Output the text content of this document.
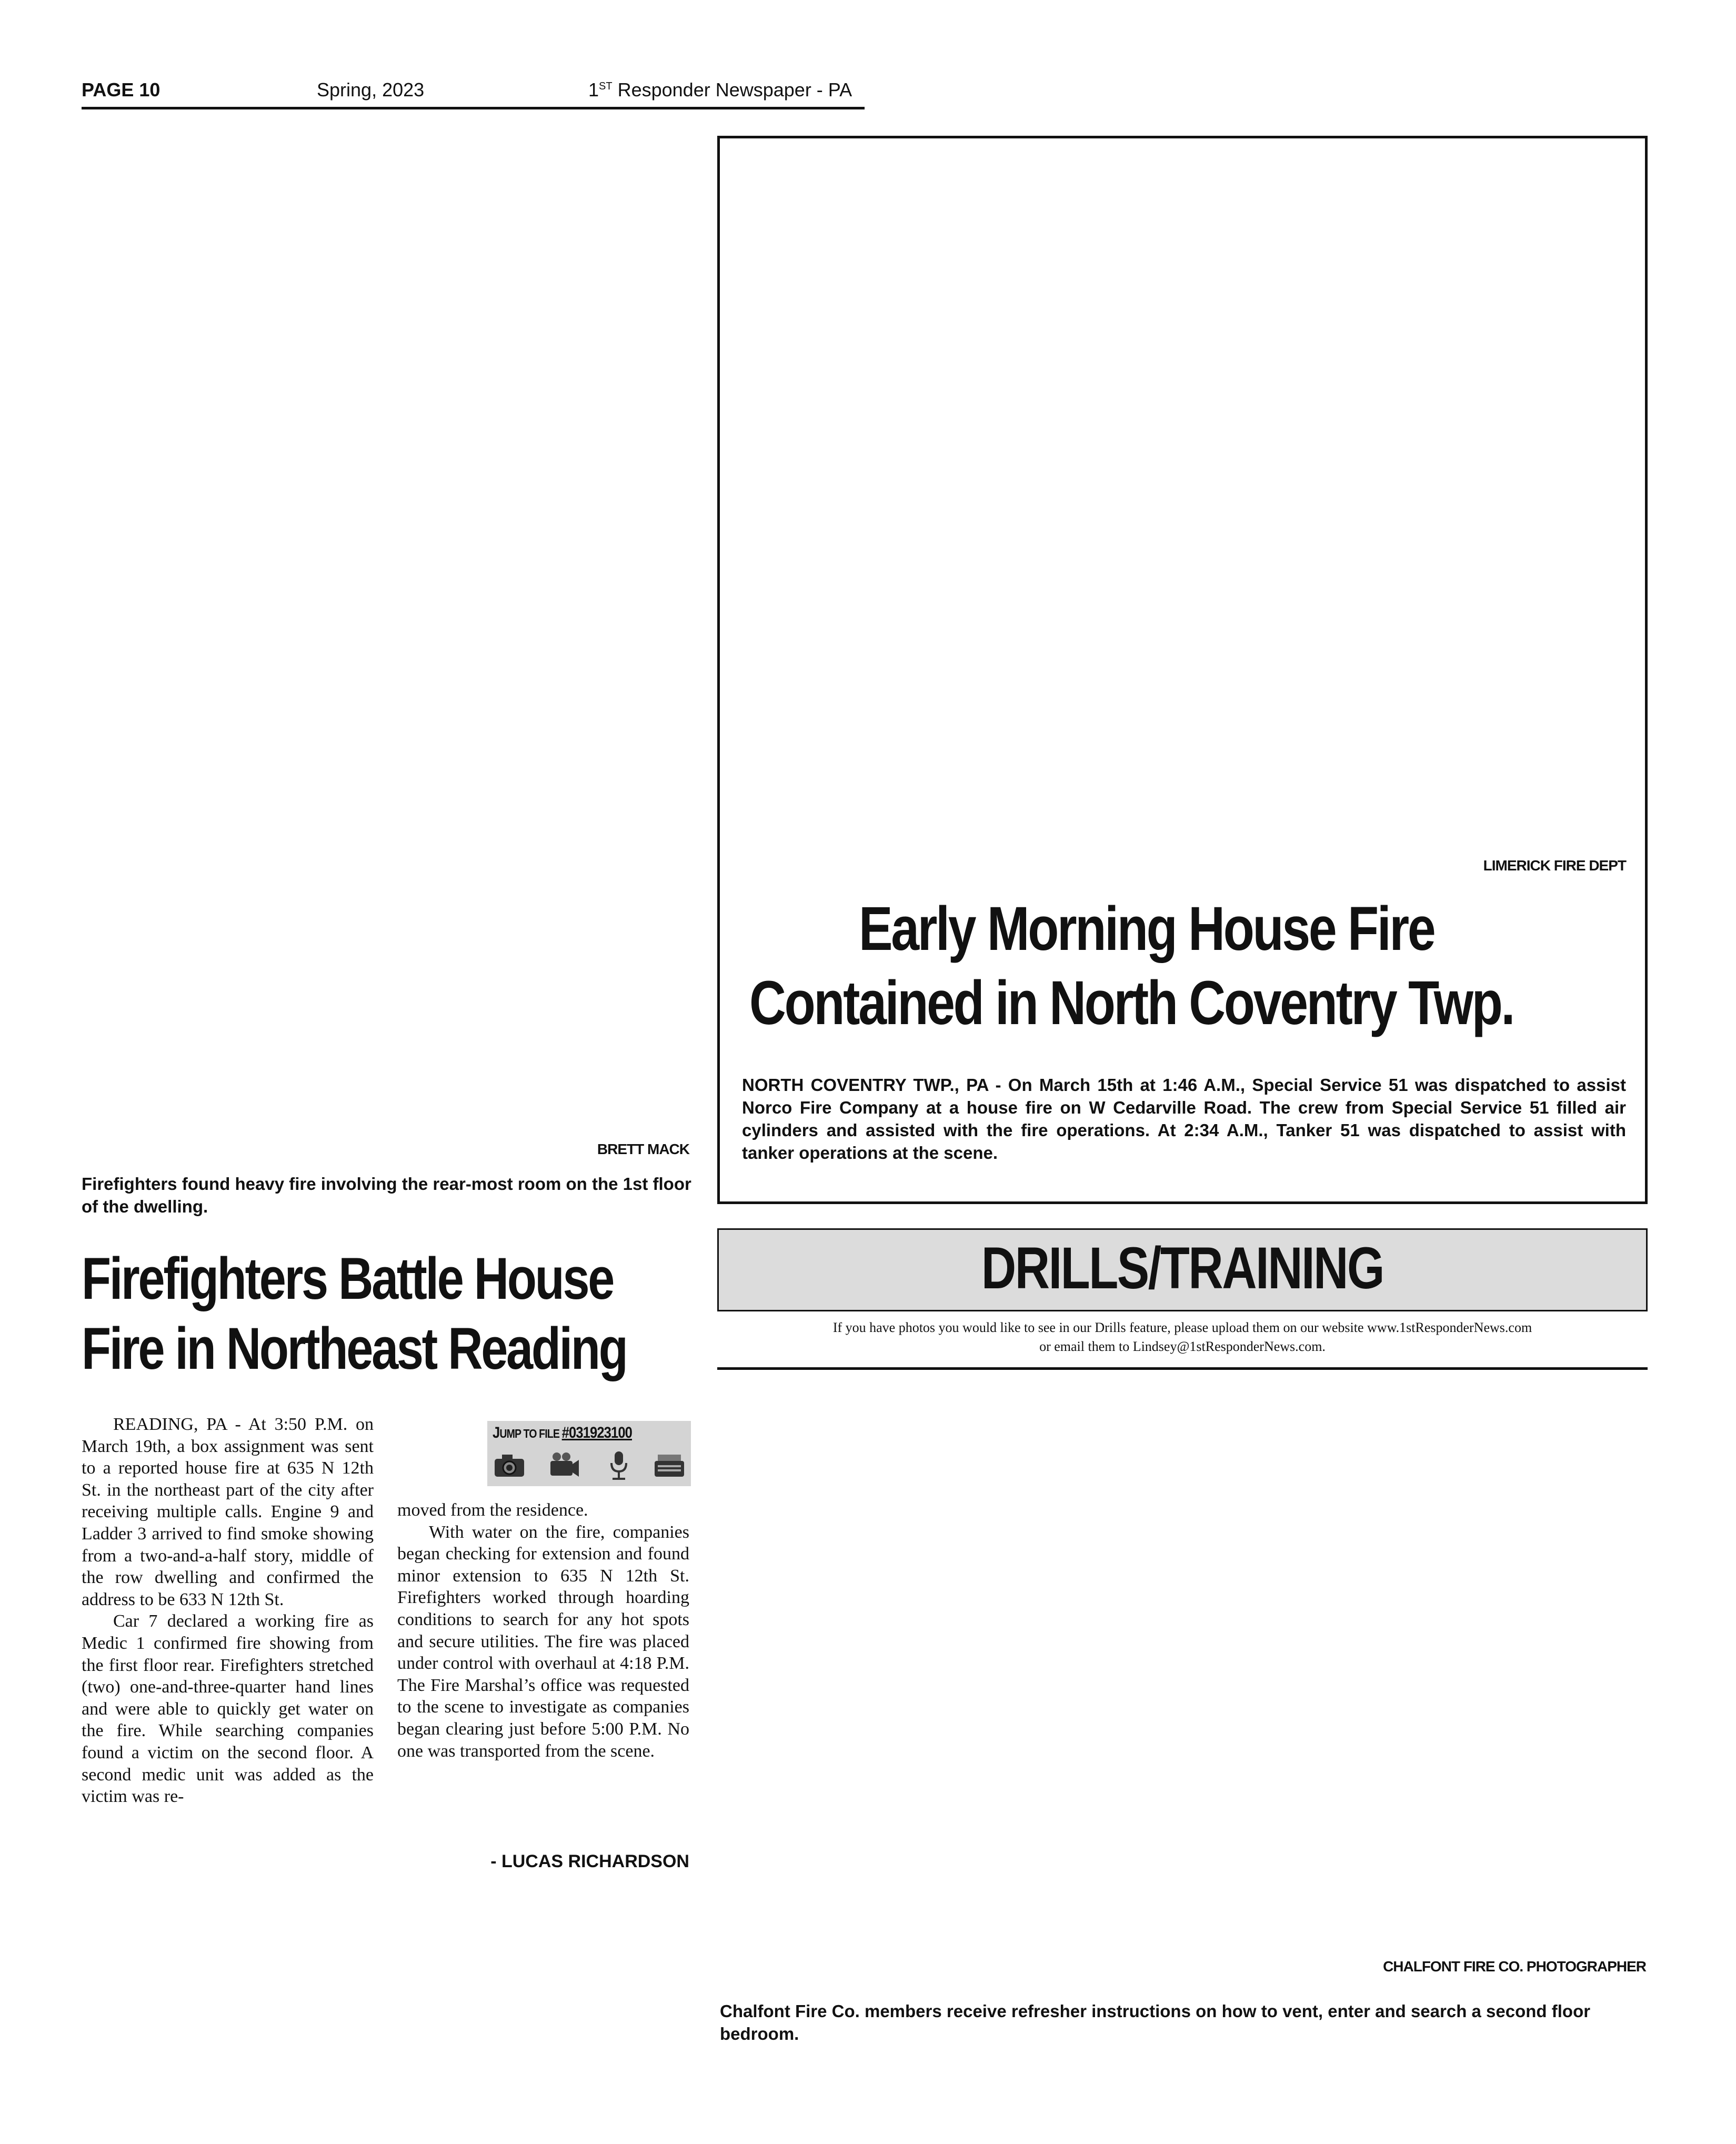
PAGE 10	Spring, 2023	1ST Responder Newspaper - PA
BRETT MACK
Firefighters found heavy fire involving the rear-most room on the 1st floor of the dwelling.
Firefighters Battle House
Fire in Northeast Reading

READING, PA - At 3:50 P.M. on March 19th, a box assignment was sent to a reported house fire at 635 N 12th St. in the northeast part of the city after receiving multiple calls. Engine 9 and Ladder 3 arrived to find smoke showing from a two-and-a-half story, middle of the row dwelling and confirmed the address to be 633 N 12th St.

Car 7 declared a working fire as Medic 1 confirmed fire showing from the first floor rear. Firefighters stretched (two) one-and-three-quarter hand lines and were able to quickly get water on the fire. While searching companies found a victim on the second floor. A second medic unit was added as the victim was re-

JUMP TO FILE #031923100

moved from the residence.

With water on the fire, companies began checking for extension and found minor extension to 635 N 12th St. Firefighters worked through hoarding conditions to search for any hot spots and secure utilities. The fire was placed under control with overhaul at 4:18 P.M. The Fire Marshal’s office was requested to the scene to investigate as companies began clearing just before 5:00 P.M. No one was transported from the scene.

- LUCAS RICHARDSON
LIMERICK FIRE DEPT
Early Morning House Fire
Contained in North Coventry Twp.
NORTH COVENTRY TWP., PA - On March 15th at 1:46 A.M., Special Service 51 was dispatched to assist Norco Fire Company at a house fire on W Cedarville Road. The crew from Special Service 51 filled air cylinders and assisted with the fire operations. At 2:34 A.M., Tanker 51 was dispatched to assist with tanker operations at the scene.
DRILLS/TRAINING
If you have photos you would like to see in our Drills feature, please upload them on our website www.1stResponderNews.com
or email them to Lindsey@1stResponderNews.com.
CHALFONT FIRE CO. PHOTOGRAPHER
Chalfont Fire Co. members receive refresher instructions on how to vent, enter and search a second floor bedroom.
